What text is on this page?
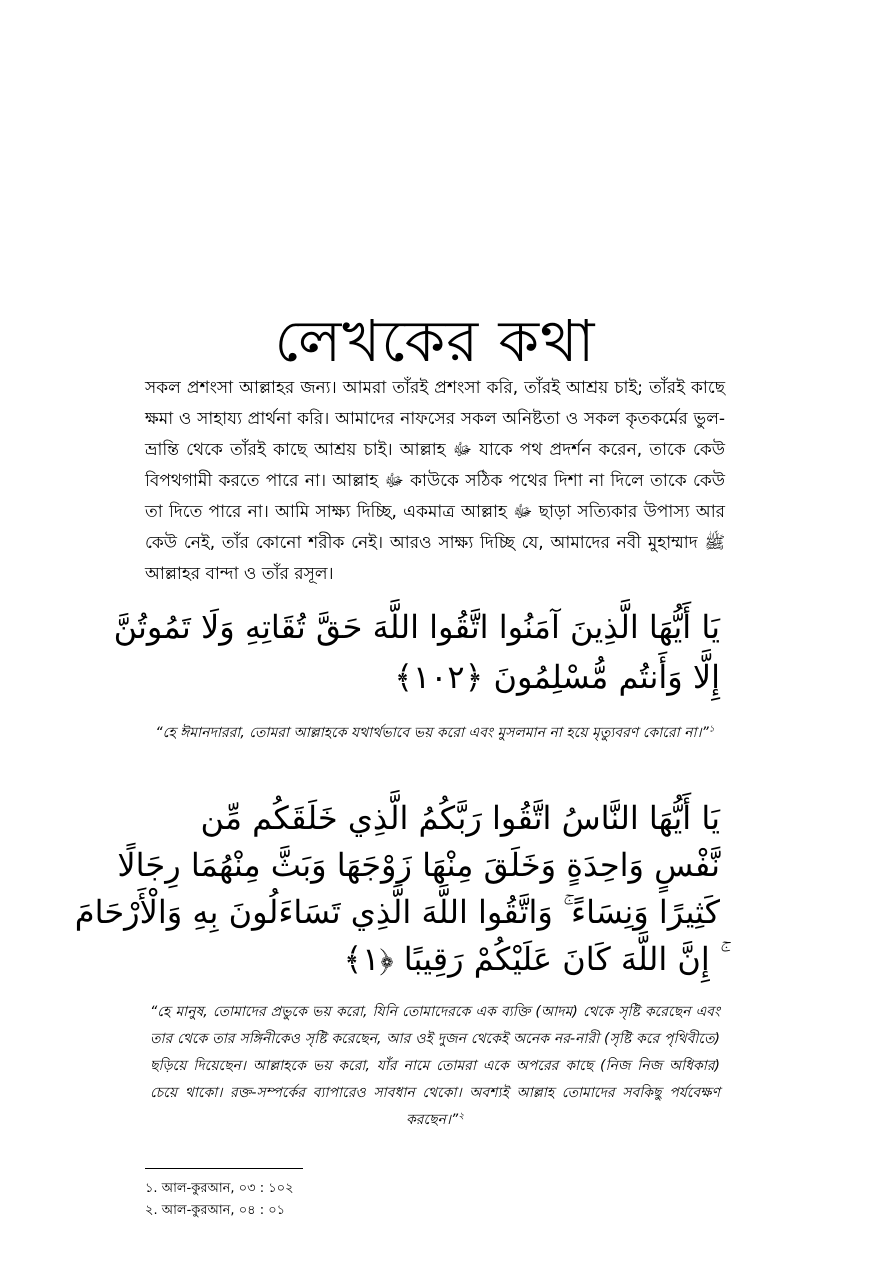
লেখকের কথা

সকল প্রশংসা আল্লাহর জন্য। আমরা তাঁরই প্রশংসা করি, তাঁরই আশ্রয় চাই; তাঁরই কাছে ক্ষমা ও সাহায্য প্রার্থনা করি। আমাদের নাফসের সকল অনিষ্টতা ও সকল কৃতকর্মের ভুল-ভ্রান্তি থেকে তাঁরই কাছে আশ্রয় চাই। আল্লাহ ﷻ যাকে পথ প্রদর্শন করেন, তাকে কেউ বিপথগামী করতে পারে না। আল্লাহ ﷻ কাউকে সঠিক পথের দিশা না দিলে তাকে কেউ তা দিতে পারে না। আমি সাক্ষ্য দিচ্ছি, একমাত্র আল্লাহ ﷻ ছাড়া সত্যিকার উপাস্য আর কেউ নেই, তাঁর কোনো শরীক নেই। আরও সাক্ষ্য দিচ্ছি যে, আমাদের নবী মুহাম্মাদ ﷺ আল্লাহর বান্দা ও তাঁর রসূল।

يَا أَيُّهَا الَّذِينَ آمَنُوا اتَّقُوا اللَّهَ حَقَّ تُقَاتِهِ وَلَا تَمُوتُنَّ
إِلَّا وَأَنتُم مُّسْلِمُونَ ﴿١٠٢﴾

“হে ঈমানদাররা, তোমরা আল্লাহকে যথার্থভাবে ভয় করো এবং মুসলমান না হয়ে মৃত্যুবরণ কোরো না।”$^১$

يَا أَيُّهَا النَّاسُ اتَّقُوا رَبَّكُمُ الَّذِي خَلَقَكُم مِّن
نَّفْسٍ وَاحِدَةٍ وَخَلَقَ مِنْهَا زَوْجَهَا وَبَثَّ مِنْهُمَا رِجَالًا
كَثِيرًا وَنِسَاءً ۚ وَاتَّقُوا اللَّهَ الَّذِي تَسَاءَلُونَ بِهِ وَالْأَرْحَامَ
ۚ إِنَّ اللَّهَ كَانَ عَلَيْكُمْ رَقِيبًا ﴿١﴾

“হে মানুষ, তোমাদের প্রভুকে ভয় করো, যিনি তোমাদেরকে এক ব্যক্তি (আদম) থেকে সৃষ্টি করেছেন এবং তার থেকে তার সঙ্গিনীকেও সৃষ্টি করেছেন, আর ওই দুজন থেকেই অনেক নর-নারী (সৃষ্টি করে পৃথিবীতে) ছড়িয়ে দিয়েছেন। আল্লাহকে ভয় করো, যাঁর নামে তোমরা একে অপরের কাছে (নিজ নিজ অধিকার) চেয়ে থাকো। রক্ত-সম্পর্কের ব্যাপারেও সাবধান থেকো। অবশ্যই আল্লাহ তোমাদের সবকিছু পর্যবেক্ষণ করছেন।”$^২$

১. আল-কুরআন, ০৩ : ১০২
২. আল-কুরআন, ০৪ : ০১
